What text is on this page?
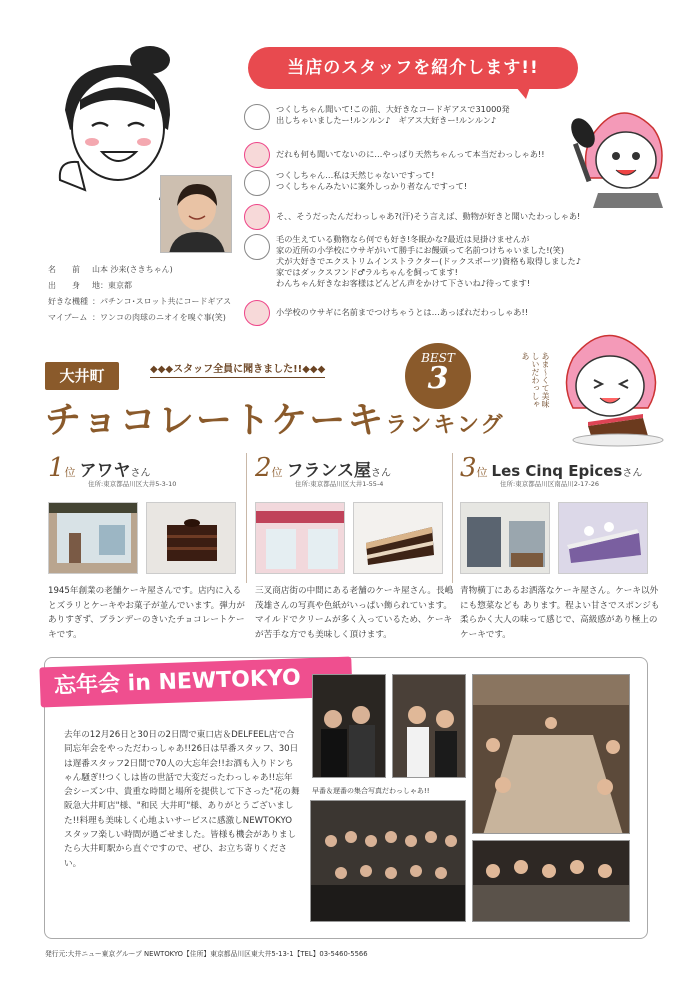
名　　前	山本 沙来(さきちゃん)
出　　身	地：東京都
好きな機種 ：パチンコ･スロット共にコードギアス
マイブーム ：ワンコの肉球のニオイを嗅ぐ事(笑)
当店のスタッフを紹介します!!
つくしちゃん聞いて!この前、大好きなコードギアスで31000発
出しちゃいましたー!ルンルン♪　ギアス大好きー!ルンルン♪
だれも何も聞いてないのに…やっぱり天然ちゃんって本当だわっしゃあ!!
つくしちゃん…私は天然じゃないですって!
つくしちゃんみたいに案外しっかり者なんですって!
そ、、そうだったんだわっしゃあ?(汗)そう言えば、動物が好きと聞いたわっしゃあ!
毛の生えている動物なら何でも好き!冬眠かな?最近は見掛けませんが
家の近所の小学校にウサギがいて勝手にお饅頭って名前つけちゃいました!(笑)
犬が大好きでエクストリムインストラクター(ドックスポーツ)資格も取得しました♪
家ではダックスフンド♂ラルちゃんを飼ってます!
わんちゃん好きなお客様はどんどん声をかけて下さいね♪待ってます!
小学校のウサギに名前までつけちゃうとは…あっぱれだわっしゃあ!!
大井町	◆◆◆スタッフ全員に聞きました!!◆◆◆
BEST
3
チョコレートケーキランキング
あま〜くて美味しいだわっしゃあ
1 位 アワヤ さん
住所:東京都品川区大井5-3-10
1945年創業の老舗ケーキ屋さんです。店内に入るとズラリとケーキやお菓子が並んでいます。弾力がありすぎず、ブランデーのきいたチョコレートケーキです。
2 位 フランス屋 さん
住所:東京都品川区大井1-55-4
三叉商店街の中間にある老舗のケーキ屋さん。長嶋茂雄さんの写真や色紙がいっぱい飾られています。マイルドでクリームが多く入っているため、ケーキが苦手な方でも美味しく頂けます。
3 位 Les Cinq Epices さん
住所:東京都品川区南品川2-17-26
青物横丁にあるお洒落なケーキ屋さん。ケーキ以外にも惣菜なども あります。程よい甘さでスポンジも柔らかく大人の味って感じで、高級感があり極上のケーキです。
忘年会 in NEWTOKYO
去年の12月26日と30日の2日間で東口店＆DELFEEL店で合同忘年会をやっただわっしゃあ!!26日は早番スタッフ、30日は遅番スタッフ2日間で70人の大忘年会!!お酒も入りドンちゃん騒ぎ!!つくしは皆の世話で大変だったわっしゃあ!!忘年会シーズン中、貴重な時間と場所を提供して下さった"花の舞 阪急大井町店"様、"和民 大井町"様、ありがとうございました!!料理も美味しく心地よいサービスに感激しNEWTOKYOスタッフ楽しい時間が過ごせました。皆様も機会がありましたら大井町駅から直ぐですので、ぜひ、お立ち寄りください。
早番＆遅番の集合写真だわっしゃあ!!
発行元:大井ニュー東京グループ NEWTOKYO【住所】東京都品川区東大井5-13-1【TEL】03-5460-5566
